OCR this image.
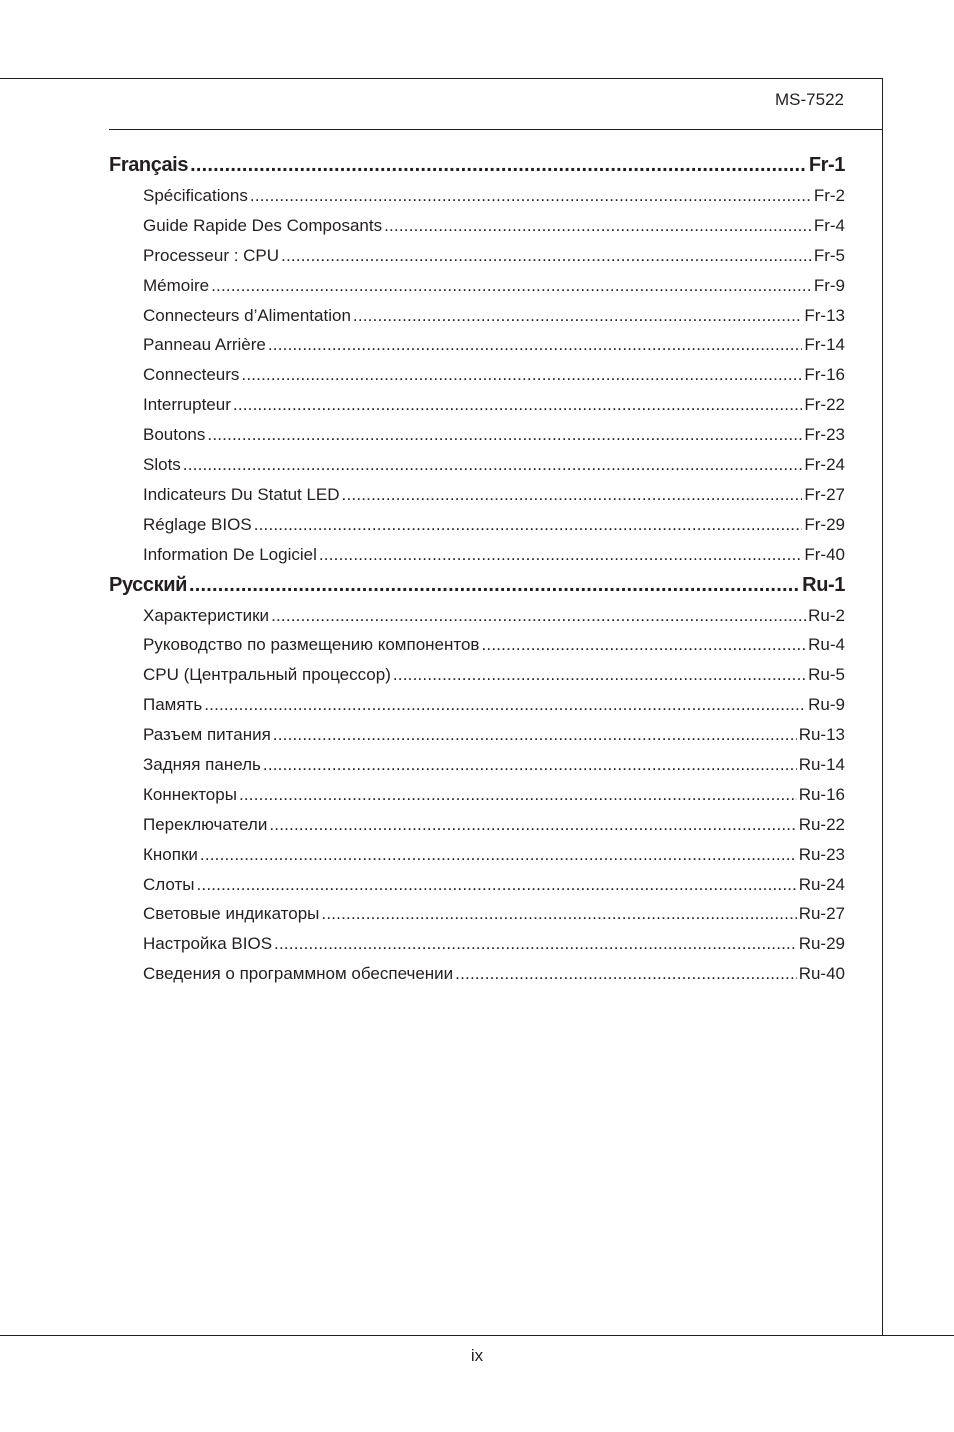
MS-7522
Français .....	Fr-1
Spécifications .....	Fr-2
Guide Rapide Des Composants .....	Fr-4
Processeur : CPU .....	Fr-5
Mémoire .....	Fr-9
Connecteurs d’Alimentation .....	Fr-13
Panneau Arrière .....	Fr-14
Connecteurs .....	Fr-16
Interrupteur .....	Fr-22
Boutons .....	Fr-23
Slots .....	Fr-24
Indicateurs Du Statut LED .....	Fr-27
Réglage BIOS .....	Fr-29
Information De Logiciel .....	Fr-40
Русский .....	Ru-1
Характеристики .....	Ru-2
Руководство по размещению компонентов .....	Ru-4
CPU (Центральный процессор) .....	Ru-5
Память .....	Ru-9
Разъем питания .....	Ru-13
Задняя панель .....	Ru-14
Коннекторы .....	Ru-16
Переключатели .....	Ru-22
Кнопки .....	Ru-23
Слоты .....	Ru-24
Световые индикаторы .....	Ru-27
Настройка BIOS .....	Ru-29
Сведения о программном обеспечении .....	Ru-40
ix
